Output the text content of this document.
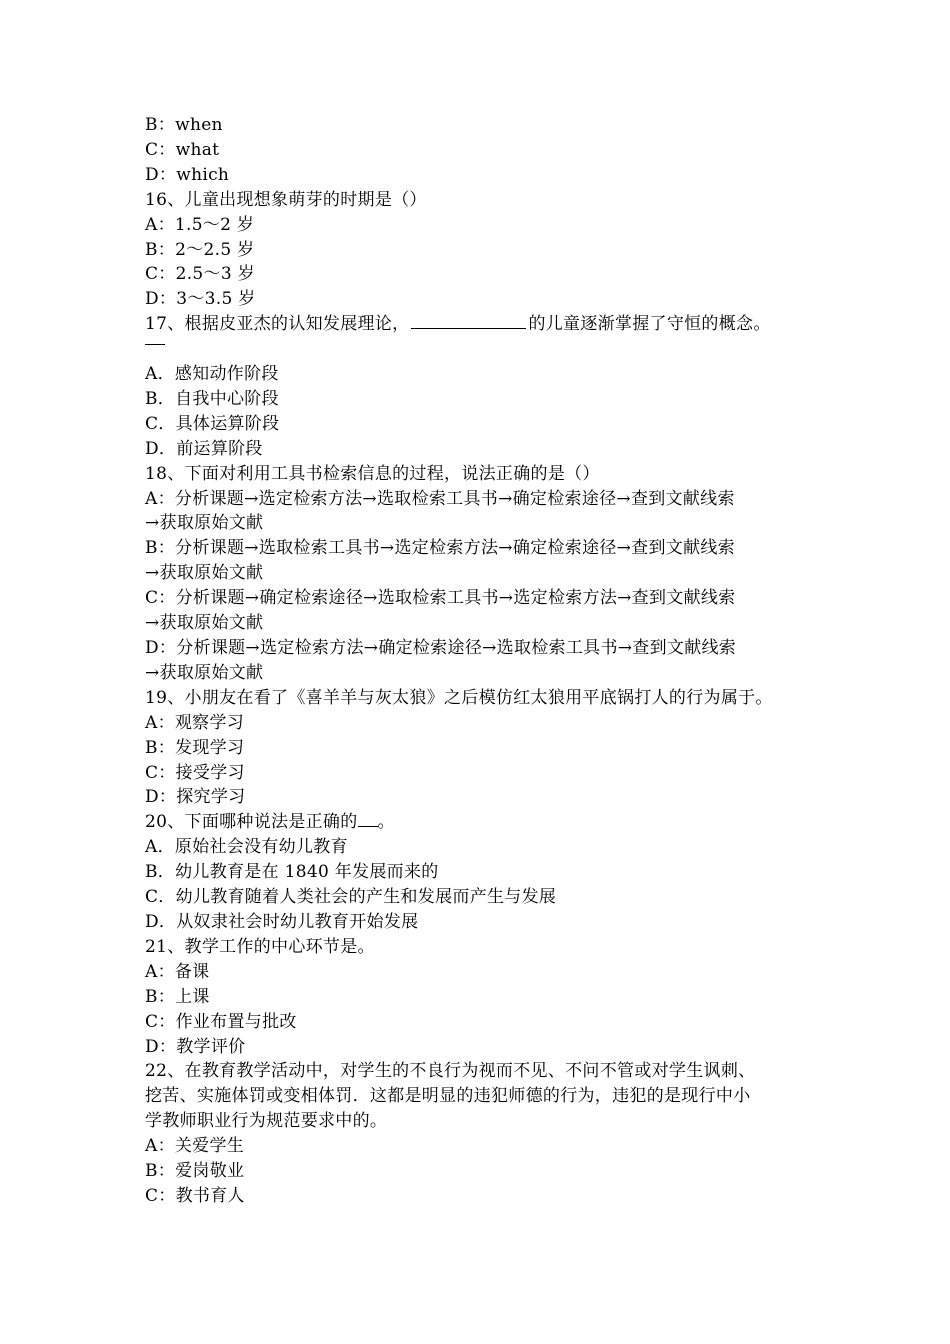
B：when
C：what
D：which
16、儿童出现想象萌芽的时期是（）
A：1.5～2 岁
B：2～2.5 岁
C：2.5～3 岁
D：3～3.5 岁
17、根据皮亚杰的认知发展理论，	的儿童逐渐掌握了守恒的概念。
A．感知动作阶段
B．自我中心阶段
C．具体运算阶段
D．前运算阶段
18、下面对利用工具书检索信息的过程，说法正确的是（）
A：分析课题→选定检索方法→选取检索工具书→确定检索途径→查到文献线索
→获取原始文献
B：分析课题→选取检索工具书→选定检索方法→确定检索途径→查到文献线索
→获取原始文献
C：分析课题→确定检索途径→选取检索工具书→选定检索方法→查到文献线索
→获取原始文献
D：分析课题→选定检索方法→确定检索途径→选取检索工具书→查到文献线索
→获取原始文献
19、小朋友在看了《喜羊羊与灰太狼》之后模仿红太狼用平底锅打人的行为属于。
A：观察学习
B：发现学习
C：接受学习
D：探究学习
20、下面哪种说法是正确的 。
A．原始社会没有幼儿教育
B．幼儿教育是在 1840 年发展而来的
C．幼儿教育随着人类社会的产生和发展而产生与发展
D．从奴隶社会时幼儿教育开始发展
21、教学工作的中心环节是。
A：备课
B：上课
C：作业布置与批改
D：教学评价
22、在教育教学活动中，对学生的不良行为视而不见、不问不管或对学生讽刺、
挖苦、实施体罚或变相体罚．这都是明显的违犯师德的行为，违犯的是现行中小
学教师职业行为规范要求中的。
A：关爱学生
B：爱岗敬业
C：教书育人
